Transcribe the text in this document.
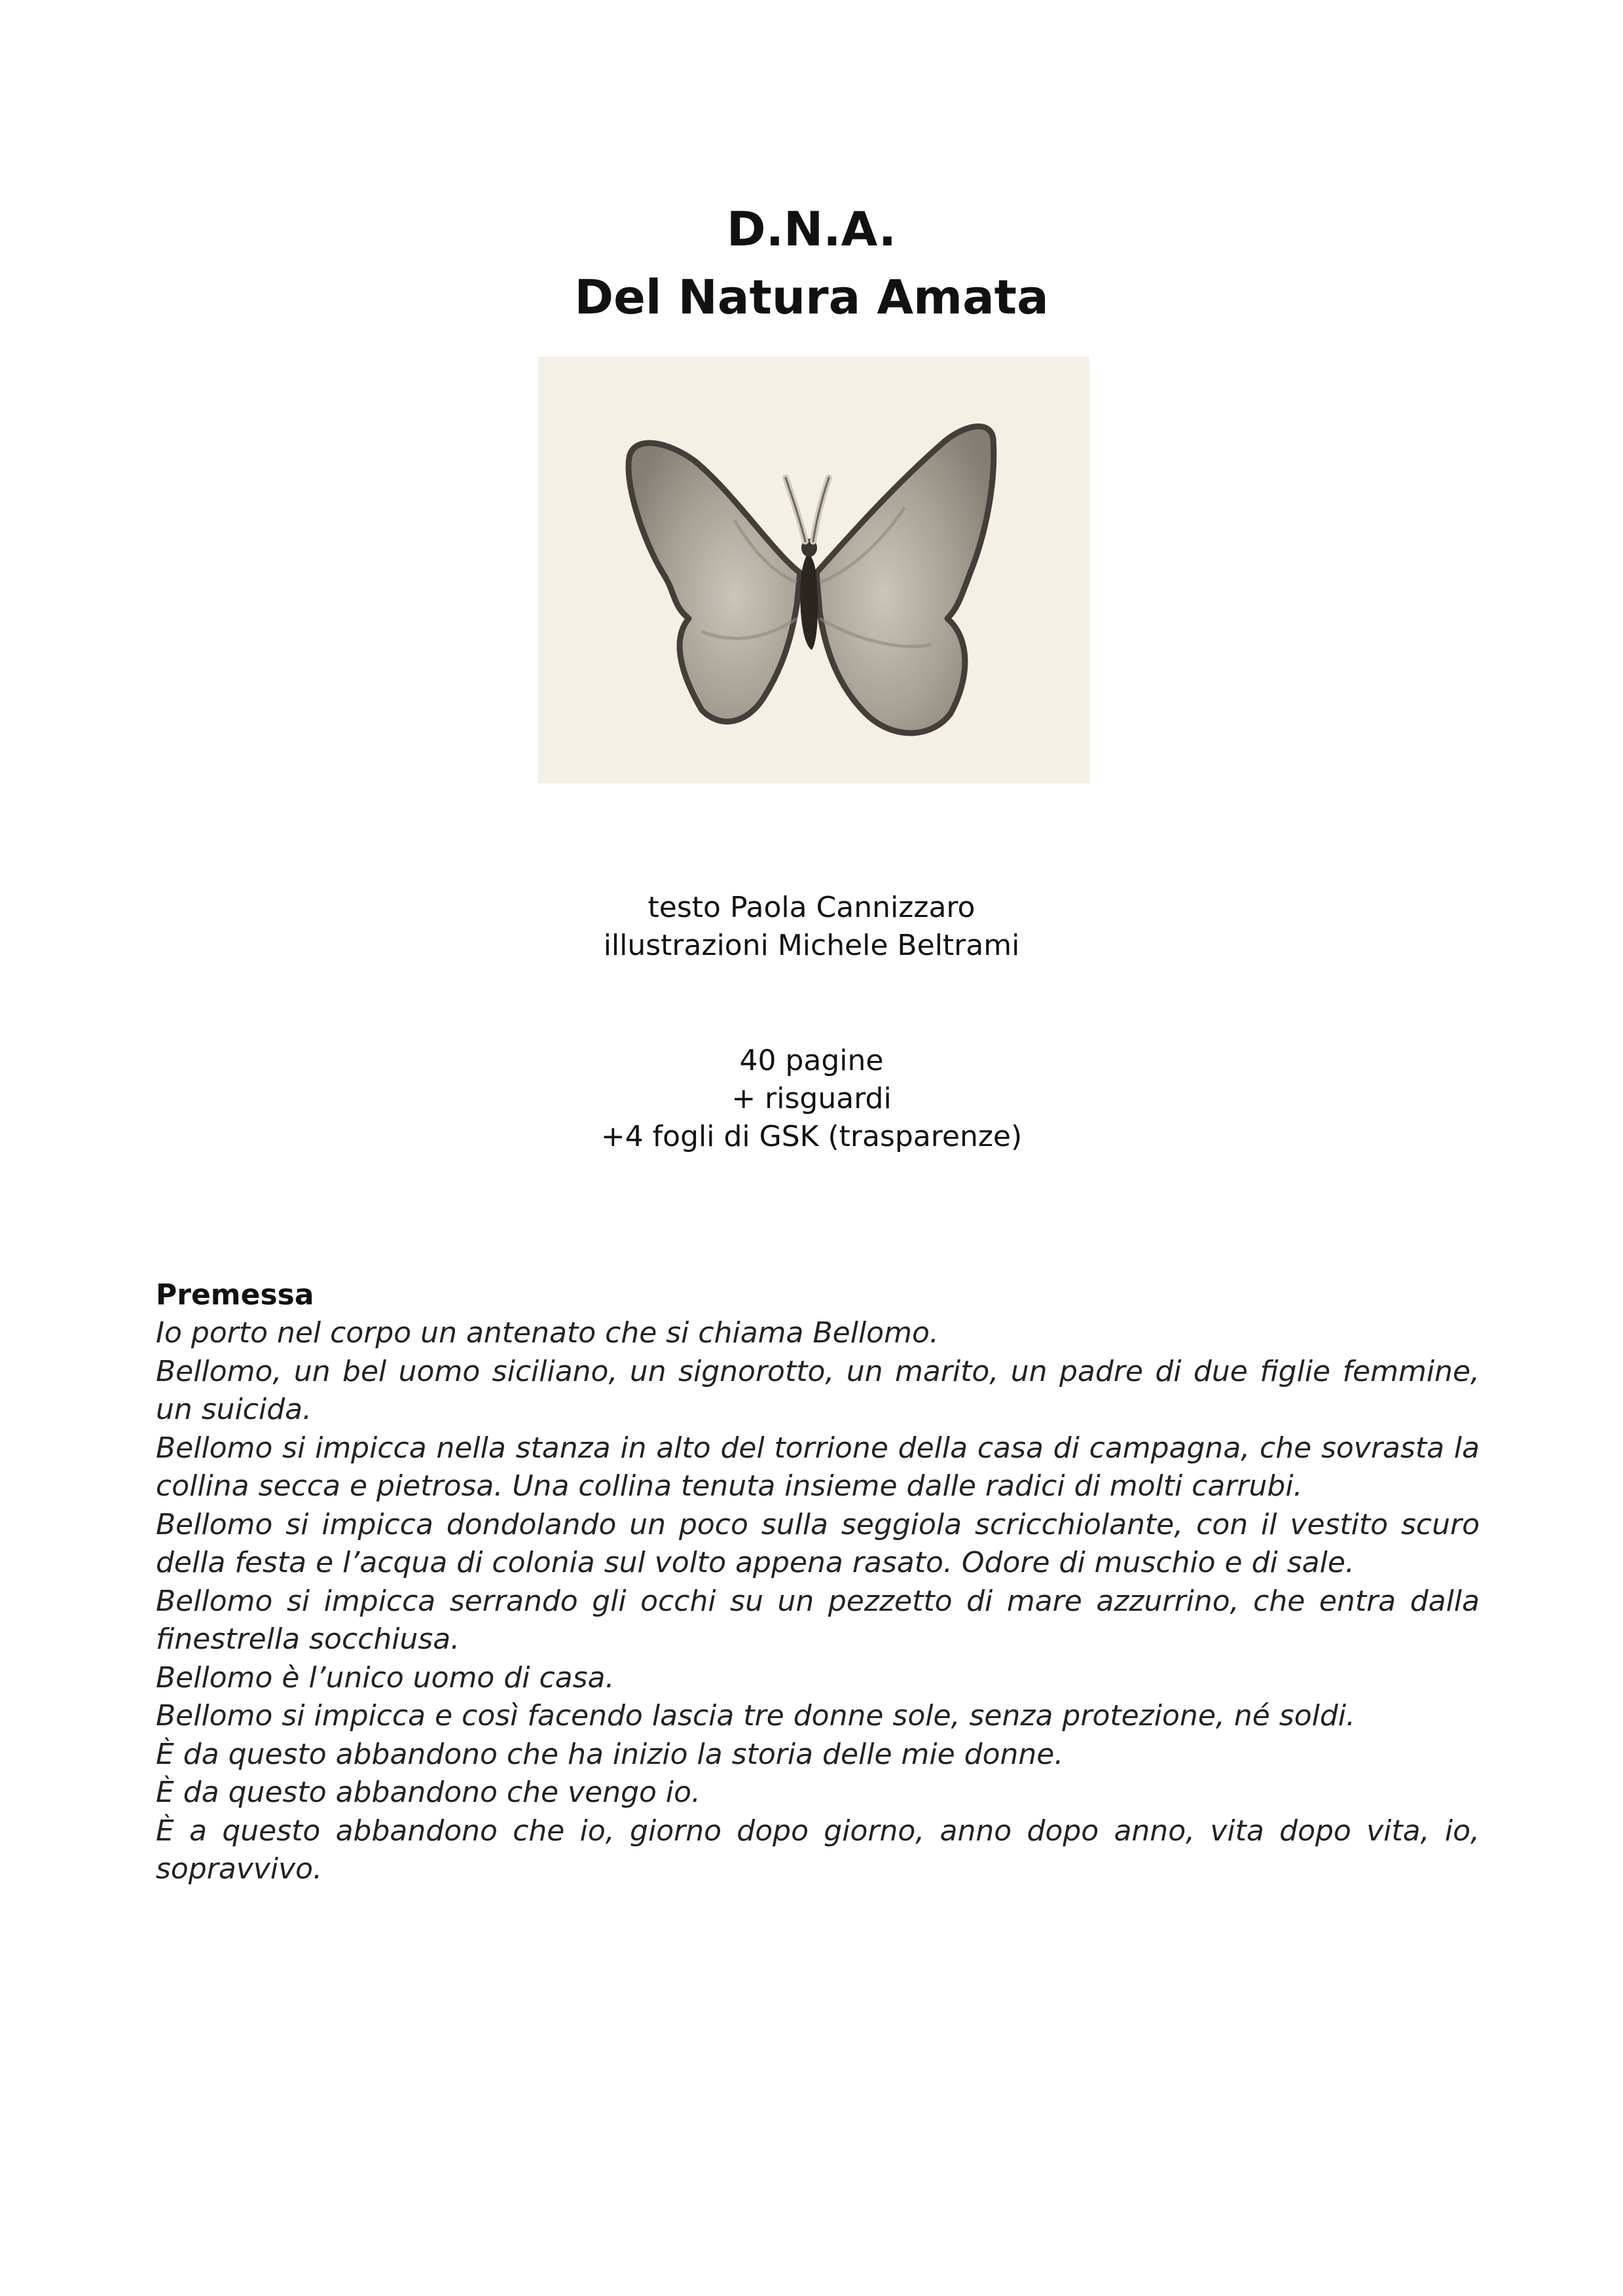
D.N.A.

Del Natura Amata

testo Paola Cannizzaro
illustrazioni Michele Beltrami
40 pagine
+ risguardi
+4 fogli di GSK (trasparenze)

Premessa

Io porto nel corpo un antenato che si chiama Bellomo.

Bellomo, un bel uomo siciliano, un signorotto, un marito, un padre di due figlie femmine, un suicida.

Bellomo si impicca nella stanza in alto del torrione della casa di campagna, che sovrasta la collina secca e pietrosa. Una collina tenuta insieme dalle radici di molti carrubi.

Bellomo si impicca dondolando un poco sulla seggiola scricchiolante, con il vestito scuro della festa e l’acqua di colonia sul volto appena rasato. Odore di muschio e di sale.

Bellomo si impicca serrando gli occhi su un pezzetto di mare azzurrino, che entra dalla finestrella socchiusa.

Bellomo è l’unico uomo di casa.

Bellomo si impicca e così facendo lascia tre donne sole, senza protezione, né soldi.

È da questo abbandono che ha inizio la storia delle mie donne.

È da questo abbandono che vengo io.

È a questo abbandono che io, giorno dopo giorno, anno dopo anno, vita dopo vita, io, sopravvivo.
